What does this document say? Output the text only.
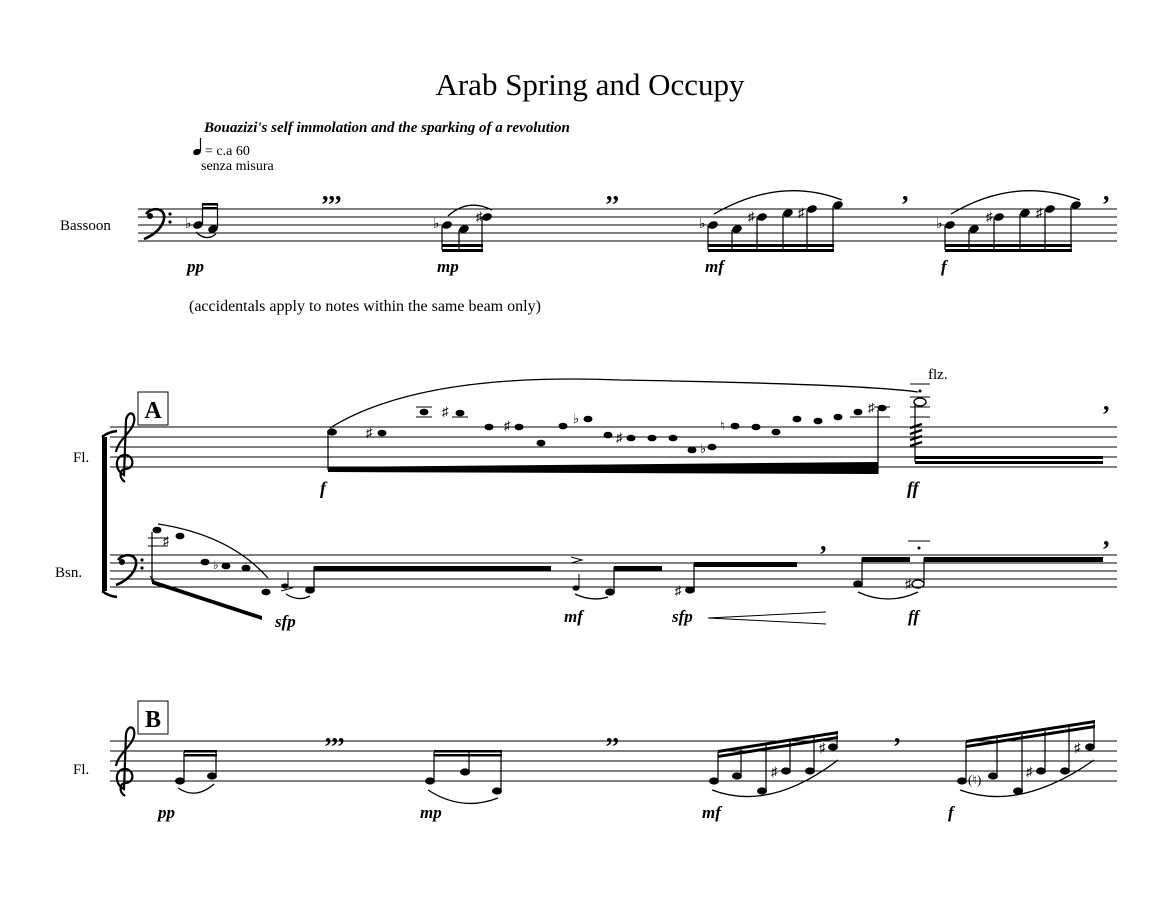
Arab Spring and Occupy
Bouazizi's self immolation and the sparking of a revolution
= c.a 60
senza misura
Bassoon	♭	♭
♯
♭
♯	♯
♭
♯	♯
,,,	,,	,	,
pp	mp	mf	f
(accidentals apply to notes within the same beam only)
A
Fl.
♯
♯
♯	♭
♯
♭
♮
♯
flz.
,
f	ff
Bsn.
♯
♭
♯	♯
,	,
sfp	mf	sfp	ff
B
Fl.	♯
♯
(♮)
♯
♯
,,,	,,	,
pp	mp	mf	f
